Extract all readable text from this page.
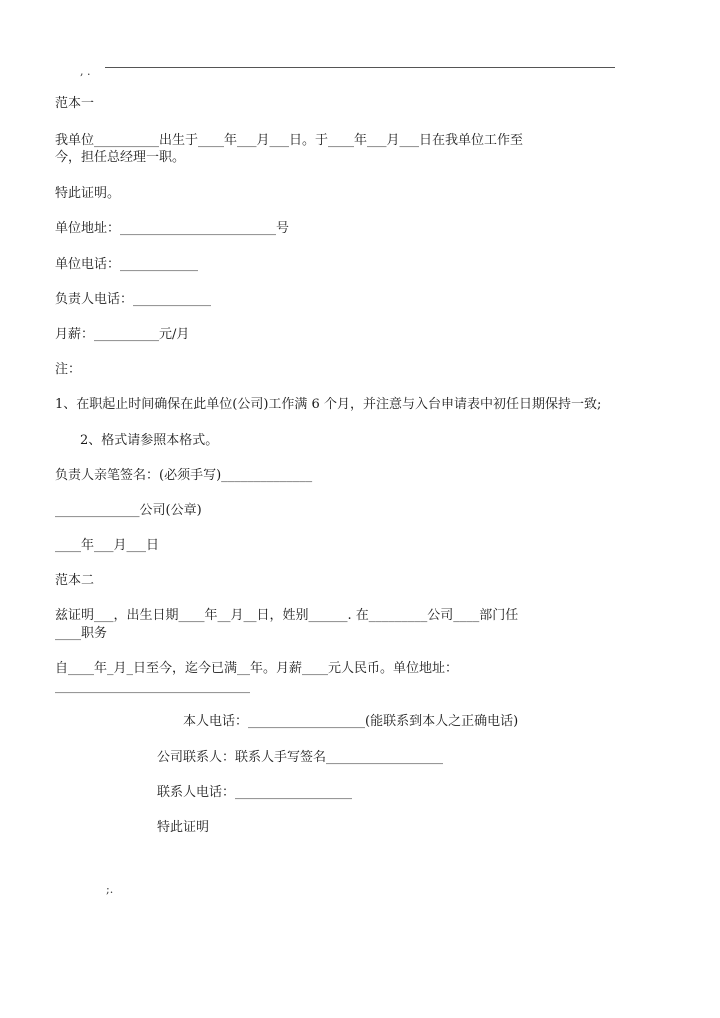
, .

范本一

我单位__________出生于____年___月___日。于____年___月___日在我单位工作至

今，担任总经理一职。

特此证明。

单位地址：________________________号

单位电话：____________

负责人电话：____________

月薪：__________元/月

注：

1、在职起止时间确保在此单位(公司)工作满 6 个月，并注意与入台申请表中初任日期保持一致;

2、格式请参照本格式。

负责人亲笔签名：(必须手写)______________

_____________公司(公章)

____年___月___日

范本二

兹证明___，出生日期____年__月__日，姓别______. 在_________公司____部门任

____职务

自____年_月_日至今，迄今已满__年。月薪____元人民币。单位地址：

______________________________

本人电话：__________________(能联系到本人之正确电话)

公司联系人：联系人手写签名__________________

联系人电话：__________________

特此证明

;.
